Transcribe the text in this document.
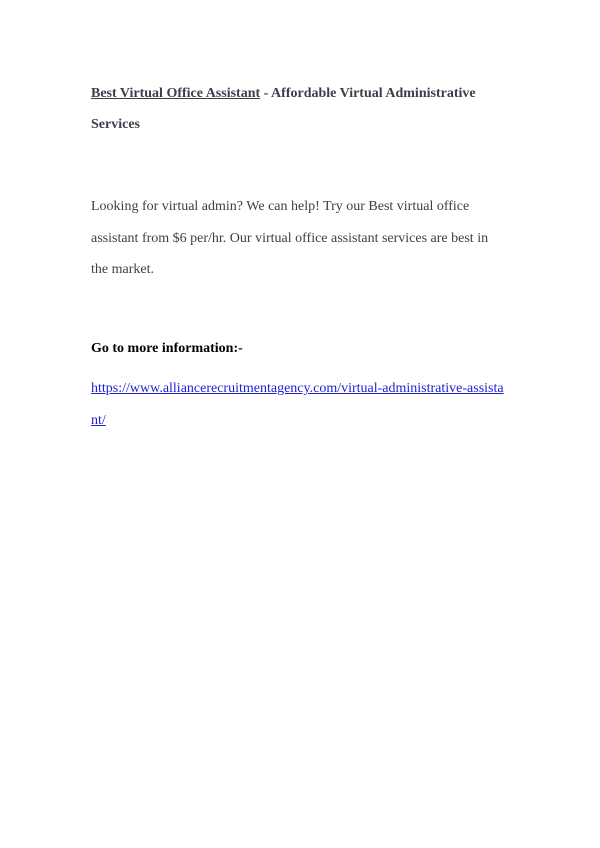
Best Virtual Office Assistant - Affordable Virtual Administrative
Services

Looking for virtual admin? We can help! Try our Best virtual office
assistant from $6 per/hr. Our virtual office assistant services are best in
the market.

Go to more information:-

https://www.alliancerecruitmentagency.com/virtual-administrative-assista
nt/
